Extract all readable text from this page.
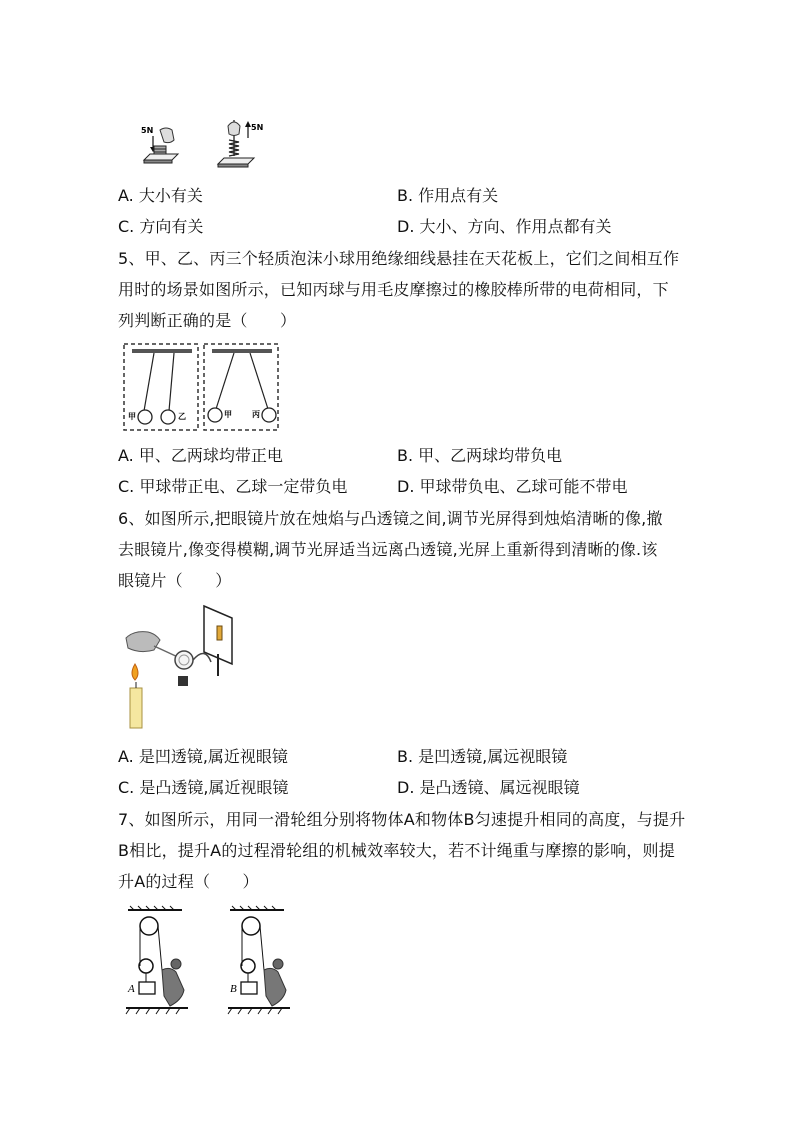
5N	5N
A. 大小有关	B. 作用点有关
C. 方向有关	D. 大小、方向、作用点都有关
5、甲、乙、丙三个轻质泡沫小球用绝缘细线悬挂在天花板上，它们之间相互作
用时的场景如图所示，已知丙球与用毛皮摩擦过的橡胶棒所带的电荷相同，下
列判断正确的是（　　）
甲	乙	甲	丙
A. 甲、乙两球均带正电	B. 甲、乙两球均带负电
C. 甲球带正电、乙球一定带负电	D. 甲球带负电、乙球可能不带电
6、如图所示,把眼镜片放在烛焰与凸透镜之间,调节光屏得到烛焰清晰的像,撤
去眼镜片,像变得模糊,调节光屏适当远离凸透镜,光屏上重新得到清晰的像.该
眼镜片（　　）
A. 是凹透镜,属近视眼镜	B. 是凹透镜,属远视眼镜
C. 是凸透镜,属近视眼镜	D. 是凸透镜、属远视眼镜
7、如图所示，用同一滑轮组分别将物体A和物体B匀速提升相同的高度，与提升
B相比，提升A的过程滑轮组的机械效率较大，若不计绳重与摩擦的影响，则提
升A的过程（　　）
A	B
